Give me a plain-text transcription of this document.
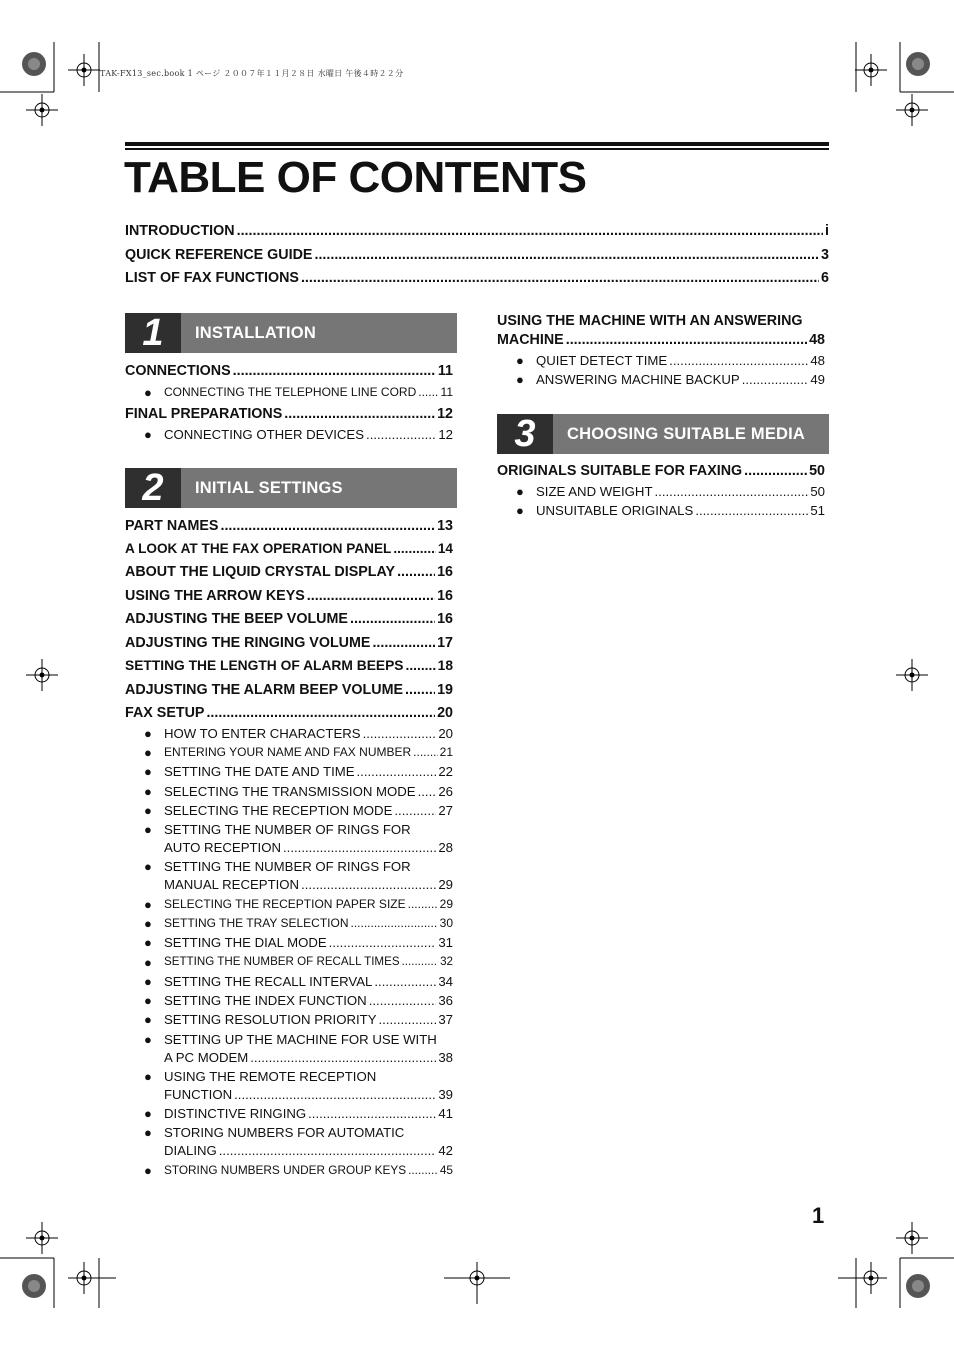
TAK-FX13_sec.book 1 ページ ２００７年１１月２８日 水曜日 午後４時２２分
TABLE OF CONTENTS
INTRODUCTION .....	i
QUICK REFERENCE GUIDE .....	3
LIST OF FAX FUNCTIONS .....	6
1	INSTALLATION
CONNECTIONS .....	11
● CONNECTING THE TELEPHONE LINE CORD ..... 11
FINAL PREPARATIONS .....	12
● CONNECTING OTHER DEVICES .....	12
2	INITIAL SETTINGS
PART NAMES .....	13
A LOOK AT THE FAX OPERATION PANEL .....	14
ABOUT THE LIQUID CRYSTAL DISPLAY .....	16
USING THE ARROW KEYS .....	16
ADJUSTING THE BEEP VOLUME .....	16
ADJUSTING THE RINGING VOLUME .....	17
SETTING THE LENGTH OF ALARM BEEPS ..... 18
ADJUSTING THE ALARM BEEP VOLUME ..... 19
FAX SETUP .....	20
● HOW TO ENTER CHARACTERS .....	20
● ENTERING YOUR NAME AND FAX NUMBER ..... 21
● SETTING THE DATE AND TIME .....	22
● SELECTING THE TRANSMISSION MODE ..... 26
● SELECTING THE RECEPTION MODE .....	27
● SETTING THE NUMBER OF RINGS FOR
AUTO RECEPTION .....	28
● SETTING THE NUMBER OF RINGS FOR
MANUAL RECEPTION .....	29
● SELECTING THE RECEPTION PAPER SIZE .....	29
● SETTING THE TRAY SELECTION .....	30
● SETTING THE DIAL MODE .....	31
● SETTING THE NUMBER OF RECALL TIMES .....	32
● SETTING THE RECALL INTERVAL .....	34
● SETTING THE INDEX FUNCTION .....	36
● SETTING RESOLUTION PRIORITY .....	37
● SETTING UP THE MACHINE FOR USE WITH
A PC MODEM .....	38
● USING THE REMOTE RECEPTION
FUNCTION .....	39
● DISTINCTIVE RINGING .....	41
● STORING NUMBERS FOR AUTOMATIC
DIALING .....	42
● STORING NUMBERS UNDER GROUP KEYS .....	45
USING THE MACHINE WITH AN ANSWERING
MACHINE .....	48
● QUIET DETECT TIME .....	48
● ANSWERING MACHINE BACKUP .....	49
3	CHOOSING SUITABLE MEDIA
ORIGINALS SUITABLE FOR FAXING .....	50
● SIZE AND WEIGHT .....	50
● UNSUITABLE ORIGINALS .....	51
1
